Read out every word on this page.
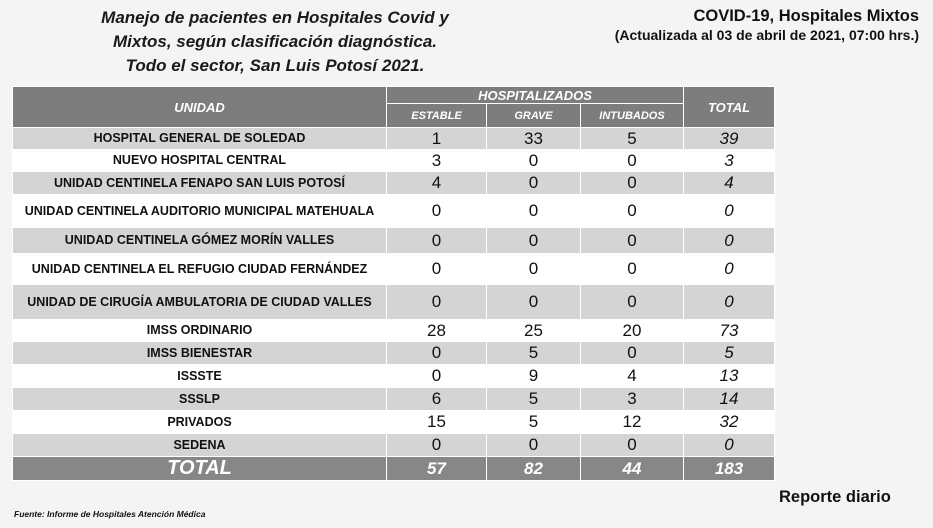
Manejo de pacientes en Hospitales Covid y
Mixtos, según clasificación diagnóstica.
Todo el sector, San Luis Potosí 2021.
COVID-19, Hospitales Mixtos
(Actualizada al 03 de abril de 2021, 07:00 hrs.)
UNIDAD	HOSPITALIZADOS			TOTAL
	ESTABLE	GRAVE	INTUBADOS	
HOSPITAL GENERAL DE SOLEDAD	1	33	5	39
NUEVO HOSPITAL CENTRAL	3	0	0	3
UNIDAD CENTINELA FENAPO SAN LUIS POTOSÍ	4	0	0	4
UNIDAD CENTINELA AUDITORIO MUNICIPAL MATEHUALA	0	0	0	0
UNIDAD CENTINELA GÓMEZ MORÍN VALLES	0	0	0	0
UNIDAD CENTINELA EL REFUGIO CIUDAD FERNÁNDEZ	0	0	0	0
UNIDAD DE CIRUGÍA AMBULATORIA DE CIUDAD VALLES	0	0	0	0
IMSS ORDINARIO	28	25	20	73
IMSS BIENESTAR	0	5	0	5
ISSSTE	0	9	4	13
SSSLP	6	5	3	14
PRIVADOS	15	5	12	32
SEDENA	0	0	0	0
TOTAL	57	82	44	183
Reporte diario
Fuente: Informe de Hospitales Atención Médica
